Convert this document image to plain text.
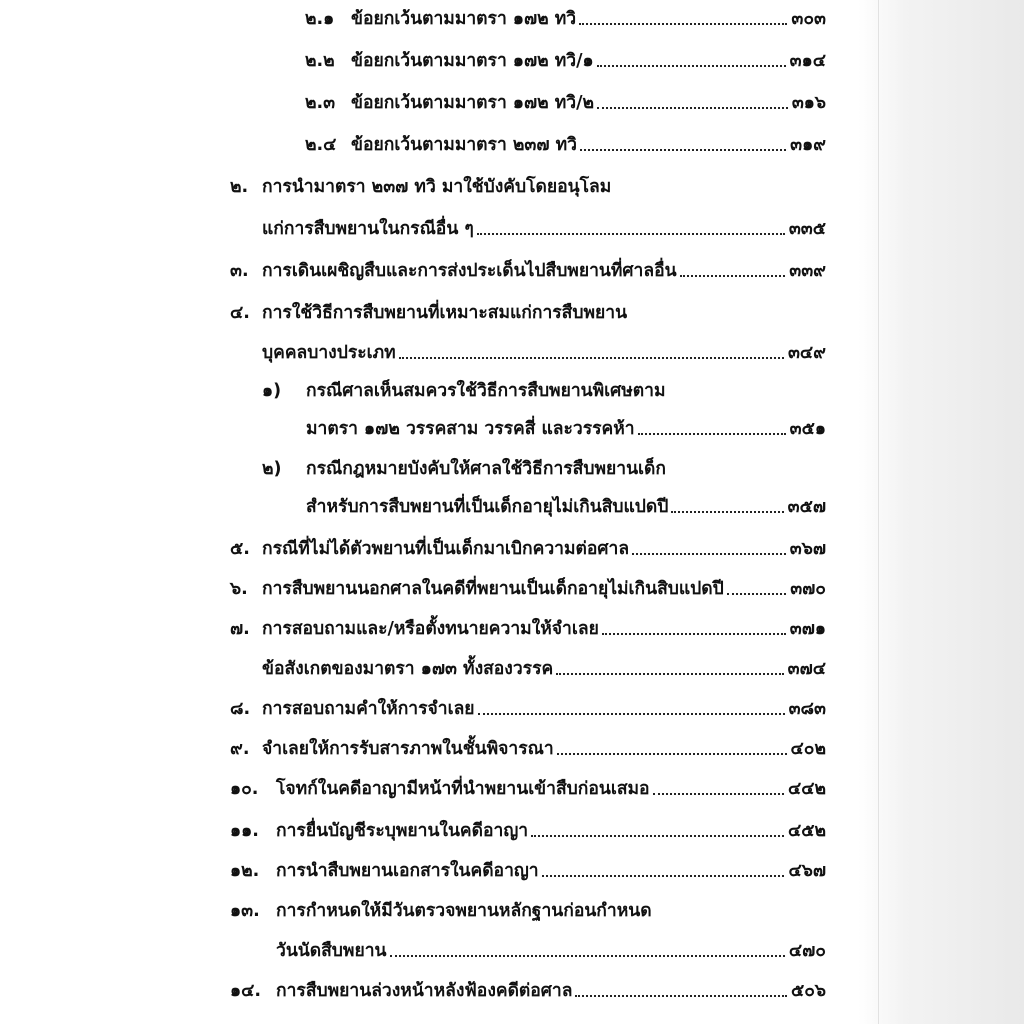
๒.๑ ข้อยกเว้นตามมาตรา ๑๗๒ ทวิ	๓๐๓
๒.๒ ข้อยกเว้นตามมาตรา ๑๗๒ ทวิ/๑	๓๑๔
๒.๓ ข้อยกเว้นตามมาตรา ๑๗๒ ทวิ/๒	๓๑๖
๒.๔ ข้อยกเว้นตามมาตรา ๒๓๗ ทวิ	๓๑๙
๒. การนำมาตรา ๒๓๗ ทวิ มาใช้บังคับโดยอนุโลม
แก่การสืบพยานในกรณีอื่น ๆ	๓๓๕
๓. การเดินเผชิญสืบและการส่งประเด็นไปสืบพยานที่ศาลอื่น	๓๓๙
๔. การใช้วิธีการสืบพยานที่เหมาะสมแก่การสืบพยาน
บุคคลบางประเภท	๓๔๙
๑)	กรณีศาลเห็นสมควรใช้วิธีการสืบพยานพิเศษตาม
มาตรา ๑๗๒ วรรคสาม วรรคสี่ และวรรคห้า	๓๕๑
๒)	กรณีกฎหมายบังคับให้ศาลใช้วิธีการสืบพยานเด็ก
สำหรับการสืบพยานที่เป็นเด็กอายุไม่เกินสิบแปดปี	๓๕๗
๕. กรณีที่ไม่ได้ตัวพยานที่เป็นเด็กมาเบิกความต่อศาล	๓๖๗
๖. การสืบพยานนอกศาลในคดีที่พยานเป็นเด็กอายุไม่เกินสิบแปดปี	๓๗๐
๗. การสอบถามและ/หรือตั้งทนายความให้จำเลย	๓๗๑
ข้อสังเกตของมาตรา ๑๗๓ ทั้งสองวรรค	๓๗๔
๘. การสอบถามคำให้การจำเลย	๓๘๓
๙. จำเลยให้การรับสารภาพในชั้นพิจารณา	๔๐๒
๑๐.	โจทก์ในคดีอาญามีหน้าที่นำพยานเข้าสืบก่อนเสมอ	๔๔๒
๑๑. การยื่นบัญชีระบุพยานในคดีอาญา	๔๕๒
๑๒. การนำสืบพยานเอกสารในคดีอาญา	๔๖๗
๑๓. การกำหนดให้มีวันตรวจพยานหลักฐานก่อนกำหนด
วันนัดสืบพยาน	๔๗๐
๑๔. การสืบพยานล่วงหน้าหลังฟ้องคดีต่อศาล	๕๐๖
